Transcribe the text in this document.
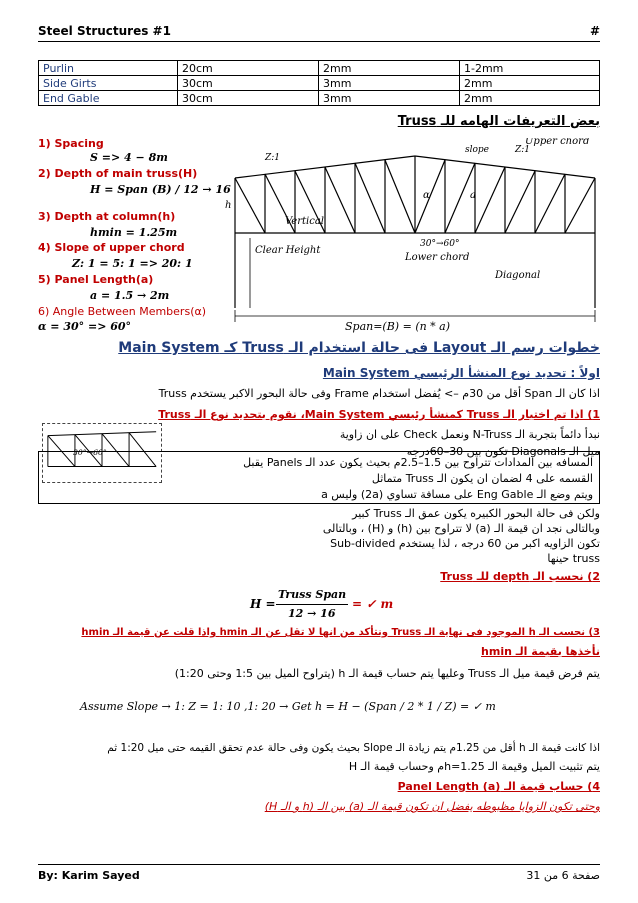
Steel Structures #1	#
Purlin	20cm	2mm	1-2mm
Side Girts	30cm	3mm	2mm
End Gable	30cm	3mm	2mm
بعض التعريفات الهامه للـ Truss
1) Spacing
S => 4 − 8m
2) Depth of main truss(H)
H = Span (B) / 12 → 16
3) Depth at column(h)
hmin = 1.25m
4) Slope of upper chord
Z: 1 = 5: 1 => 20: 1
5) Panel Length(a)
a = 1.5 → 2m
6) Angle Between Members(α)
α = 30° => 60°
Z:1
slope	Z:1
Upper chord
a
α
h
Vertical
30°→60°
Clear Height
Lower chord
Diagonal
Span=(B) = (n * a)
خطوات رسم الـ Layout فى حالة استخدام الـ Truss كـ Main System
اولاً : تحديد نوع المنشأ الرئيسي Main System
اذا كان الـ Span أقل من 30م –> يُفضل استخدام Frame وفى حالة البحور الاكبر يستخدم Truss
1) اذا تم اختيار الـ Truss كمنشأ رئيسي Main System، نقوم بتحديد نوع الـ Truss
30°→60°
نبدأ دائماً بتجربة الـ N-Truss ونعمل Check على ان زاوية
ميل الـ Diagonals تكون بين 30–60درجه
المسافه بين المدادات تتراوح بين 1.5–2.5م بحيث يكون عدد الـ Panels يقبل
القسمه على 4 لضمان ان يكون الـ Truss متماثل
ويتم وضع الـ Eng Gable على مسافة تساوي (2a) وليس a
ولكن فى حالة البحور الكبيره يكون عمق الـ Truss كبير
وبالتالى نجد ان قيمة الـ (a) لا تتراوح بين (h) و (H) ، وبالتالى
تكون الزاويه اكبر من 60 درجه ، لذا يستخدم Sub-divided
truss حينها
2) نحسب الـ depth للـ Truss
H =
Truss Span
12 → 16
= ✓ m
3) نحسب الـ h الموجود فى نهاية الـ Truss ونتأكد من انها لا تقل عن الـ hmin واذا قلت عن قيمة الـ hmin
نأخذها بقيمة الـ hmin
يتم فرض قيمة ميل الـ Truss وعليها يتم حساب قيمة الـ h (يتراوح الميل بين 1:5 وحتى 1:20)
Assume Slope → 1: Z = 1: 10 ,1: 20 → Get h = H − (Span / 2 * 1 / Z) = ✓ m
اذا كانت قيمة الـ h أقل من 1.25م يتم زيادة الـ Slope بحيث يكون وفى حالة عدم تحقق القيمه حتى ميل 1:20 ثم
يتم تثبيت الميل وقيمة الـ h=1.25م وحساب قيمة الـ H
4) حساب قيمة الـ Panel Length (a)
وحتى تكون الزوايا مظبوطه يفضل ان تكون قيمة الـ (a) بين الـ (h و الـ H)
By: Karim Sayed	صفحة 6 من 31
